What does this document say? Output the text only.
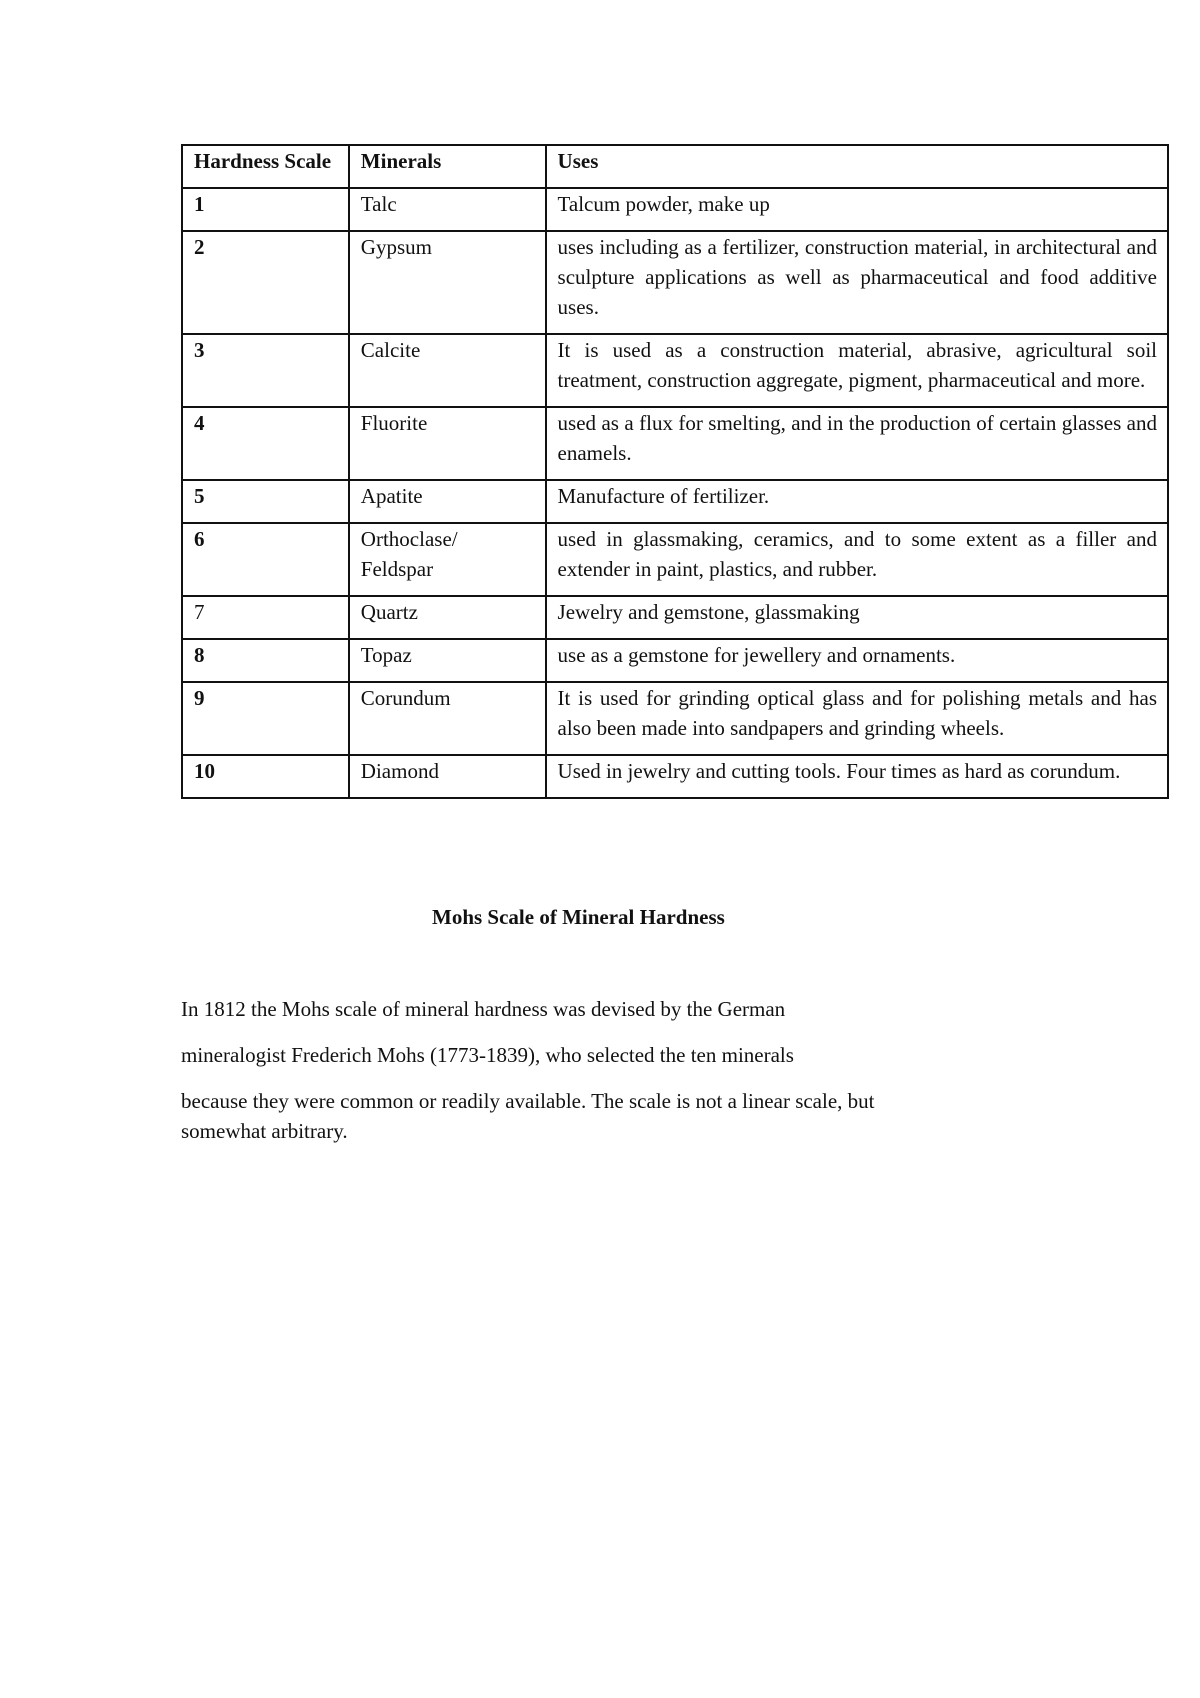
Hardness Scale	Minerals	Uses
1	Talc	Talcum powder, make up
2	Gypsum	uses including as a fertilizer, construction material, in architectural and sculpture applications as well as pharmaceutical and food additive uses.
3	Calcite	It is used as a construction material, abrasive, agricultural soil treatment, construction aggregate, pigment, pharmaceutical and more.
4	Fluorite	used as a flux for smelting, and in the production of certain glasses and enamels.
5	Apatite	Manufacture of fertilizer.
6	Orthoclase/ Feldspar	used in glassmaking, ceramics, and to some extent as a filler and extender in paint, plastics, and rubber.
7	Quartz	Jewelry and gemstone, glassmaking
8	Topaz	use as a gemstone for jewellery and ornaments.
9	Corundum	It is used for grinding optical glass and for polishing metals and has also been made into sandpapers and grinding wheels.
10	Diamond	Used in jewelry and cutting tools. Four times as hard as corundum.
Mohs Scale of Mineral Hardness
In 1812 the Mohs scale of mineral hardness was devised by the German
mineralogist Frederich Mohs (1773-1839), who selected the ten minerals
because they were common or readily available. The scale is not a linear scale, but
somewhat arbitrary.
